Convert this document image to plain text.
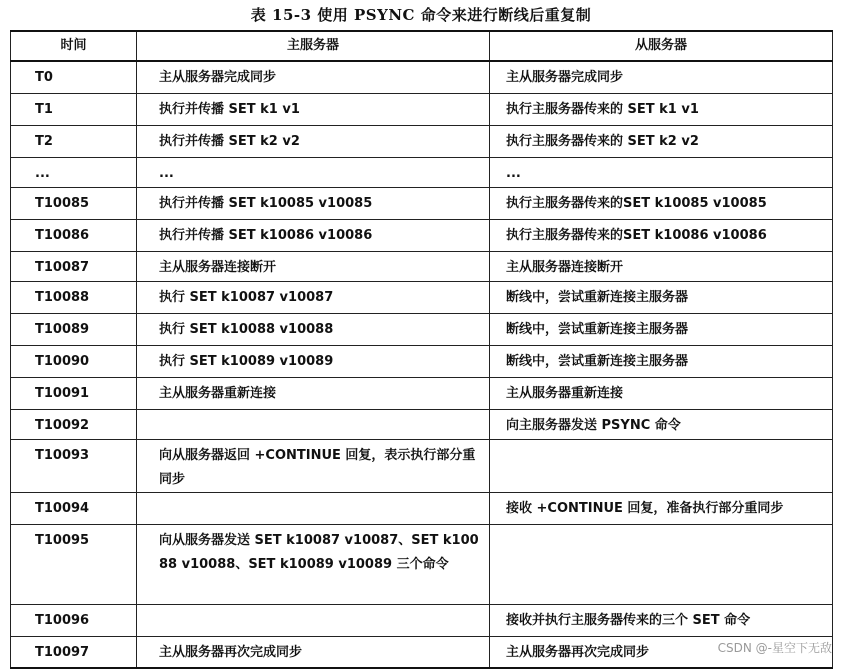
表 15-3 使用 PSYNC 命令来进行断线后重复制
时间	主服务器	从服务器
T0	主从服务器完成同步	主从服务器完成同步
T1	执行并传播 SET k1 v1	执行主服务器传来的 SET k1 v1
T2	执行并传播 SET k2 v2	执行主服务器传来的 SET k2 v2
...	...	...
T10085	执行并传播 SET k10085 v10085	执行主服务器传来的SET k10085 v10085
T10086	执行并传播 SET k10086 v10086	执行主服务器传来的SET k10086 v10086
T10087	主从服务器连接断开	主从服务器连接断开
T10088	执行 SET k10087 v10087	断线中，尝试重新连接主服务器
T10089	执行 SET k10088 v10088	断线中，尝试重新连接主服务器
T10090	执行 SET k10089 v10089	断线中，尝试重新连接主服务器
T10091	主从服务器重新连接	主从服务器重新连接
T10092		向主服务器发送 PSYNC 命令
T10093	向从服务器返回 +CONTINUE 回复，表示执行部分重同步	
T10094		接收 +CONTINUE 回复，准备执行部分重同步
T10095	向从服务器发送 SET k10087 v10087、SET k10088 v10088、SET k10089 v10089 三个命令	
T10096		接收并执行主服务器传来的三个 SET 命令
T10097	主从服务器再次完成同步	主从服务器再次完成同步	CSDN @-星空下无敌
